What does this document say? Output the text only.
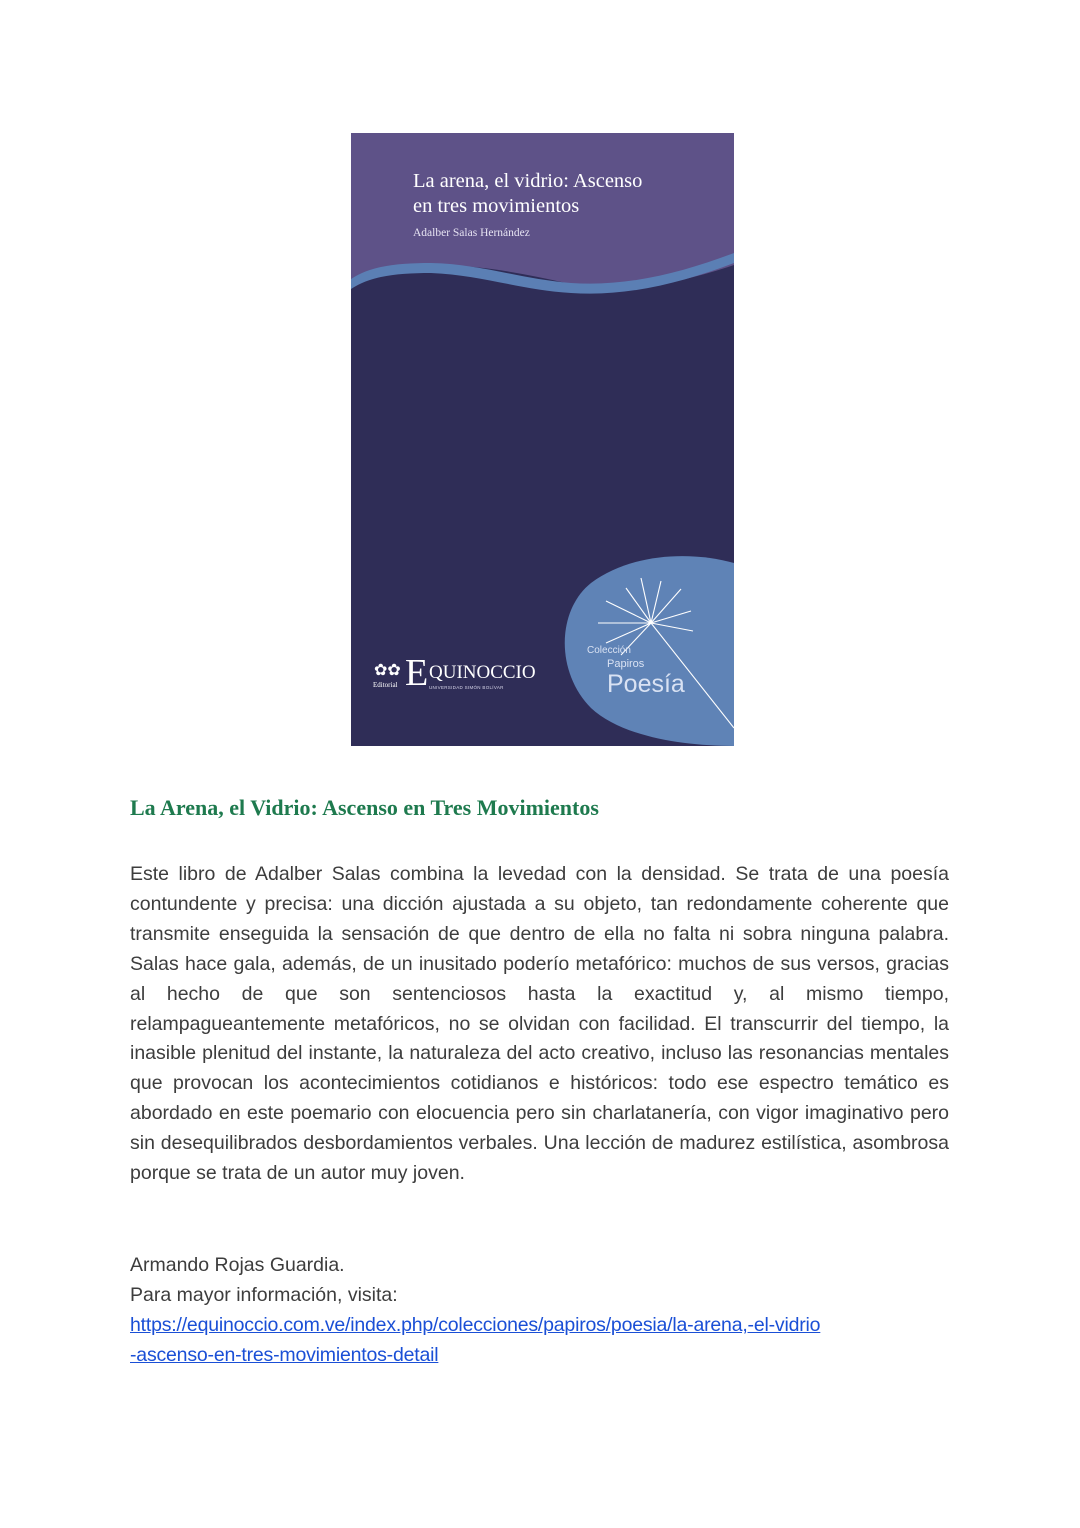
La arena, el vidrio: Ascenso
en tres movimientos
Adalber Salas Hernández
✿✿
Editorial E QUINOCCIO
UNIVERSIDAD SIMÓN BOLÍVAR
Colección
Papiros
Poesía
La Arena, el Vidrio: Ascenso en Tres Movimientos

Este libro de Adalber Salas combina la levedad con la densidad. Se trata de una poesía contundente y precisa: una dicción ajustada a su objeto, tan redondamente coherente que transmite enseguida la sensación de que dentro de ella no falta ni sobra ninguna palabra. Salas hace gala, además, de un inusitado poderío metafórico: muchos de sus versos, gracias al hecho de que son sentenciosos hasta la exactitud y, al mismo tiempo, relampagueantemente metafóricos, no se olvidan con facilidad. El transcurrir del tiempo, la inasible plenitud del instante, la naturaleza del acto creativo, incluso las resonancias mentales que provocan los acontecimientos cotidianos e históricos: todo ese espectro temático es abordado en este poemario con elocuencia pero sin charlatanería, con vigor imaginativo pero sin desequilibrados desbordamientos verbales. Una lección de madurez estilística, asombrosa porque se trata de un autor muy joven.

Armando Rojas Guardia.
Para mayor información, visita:
https://equinoccio.com.ve/index.php/colecciones/papiros/poesia/la-arena,-el-vidrio
-ascenso-en-tres-movimientos-detail
